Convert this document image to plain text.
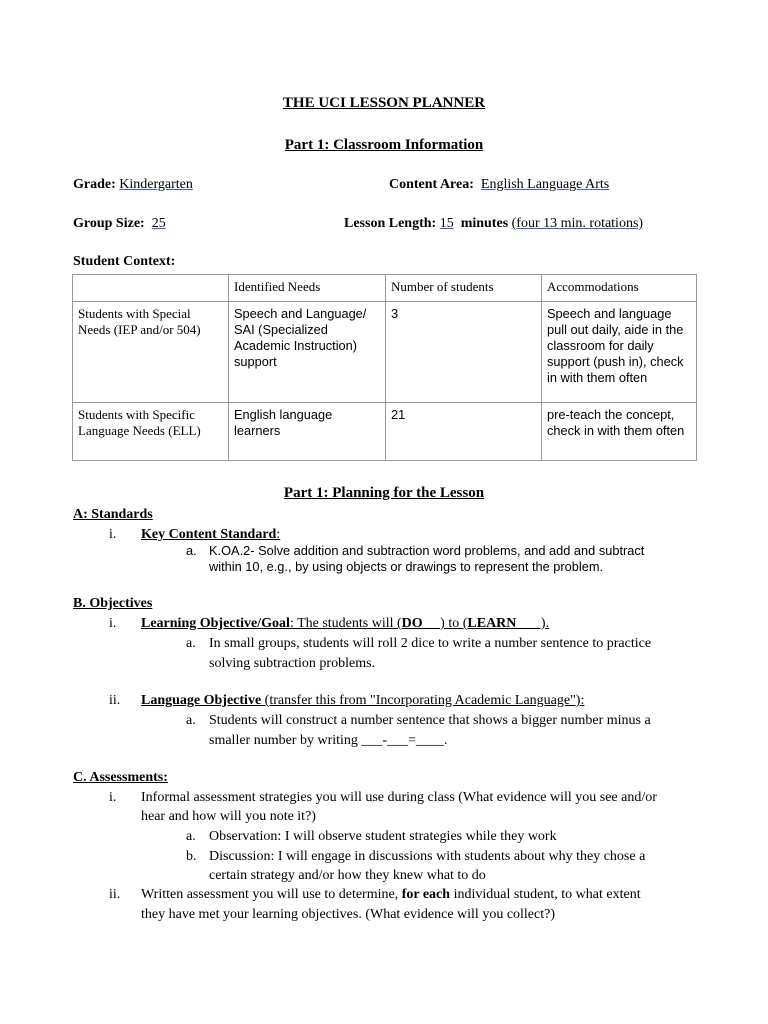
THE UCI LESSON PLANNER
Part 1: Classroom Information
Grade: Kindergarten	Content Area: English Language Arts
Group Size: 25	Lesson Length: 15 minutes (four 13 min. rotations)
Student Context:
	Identified Needs	Number of students	Accommodations
Students with Special Needs (IEP and/or 504)	Speech and Language/ SAI (Specialized Academic Instruction) support	3	Speech and language pull out daily, aide in the classroom for daily support (push in), check in with them often
Students with Specific Language Needs (ELL)	English language learners	21	pre-teach the concept, check in with them often
Part 1: Planning for the Lesson
A: Standards
i. Key Content Standard:
a. K.OA.2- Solve addition and subtraction word problems, and add and subtract
within 10, e.g., by using objects or drawings to represent the problem.
B. Objectives
i. Learning Objective/Goal: The students will (DO     ) to (LEARN       ).
a. In small groups, students will roll 2 dice to write a number sentence to practice
solving subtraction problems.
ii. Language Objective (transfer this from "Incorporating Academic Language"):
a. Students will construct a number sentence that shows a bigger number minus a
smaller number by writing ___-___=____.
C. Assessments:
i. Informal assessment strategies you will use during class (What evidence will you see and/or
hear and how will you note it?)
a. Observation: I will observe student strategies while they work
b. Discussion: I will engage in discussions with students about why they chose a
certain strategy and/or how they knew what to do
ii. Written assessment you will use to determine, for each individual student, to what extent
they have met your learning objectives. (What evidence will you collect?)
